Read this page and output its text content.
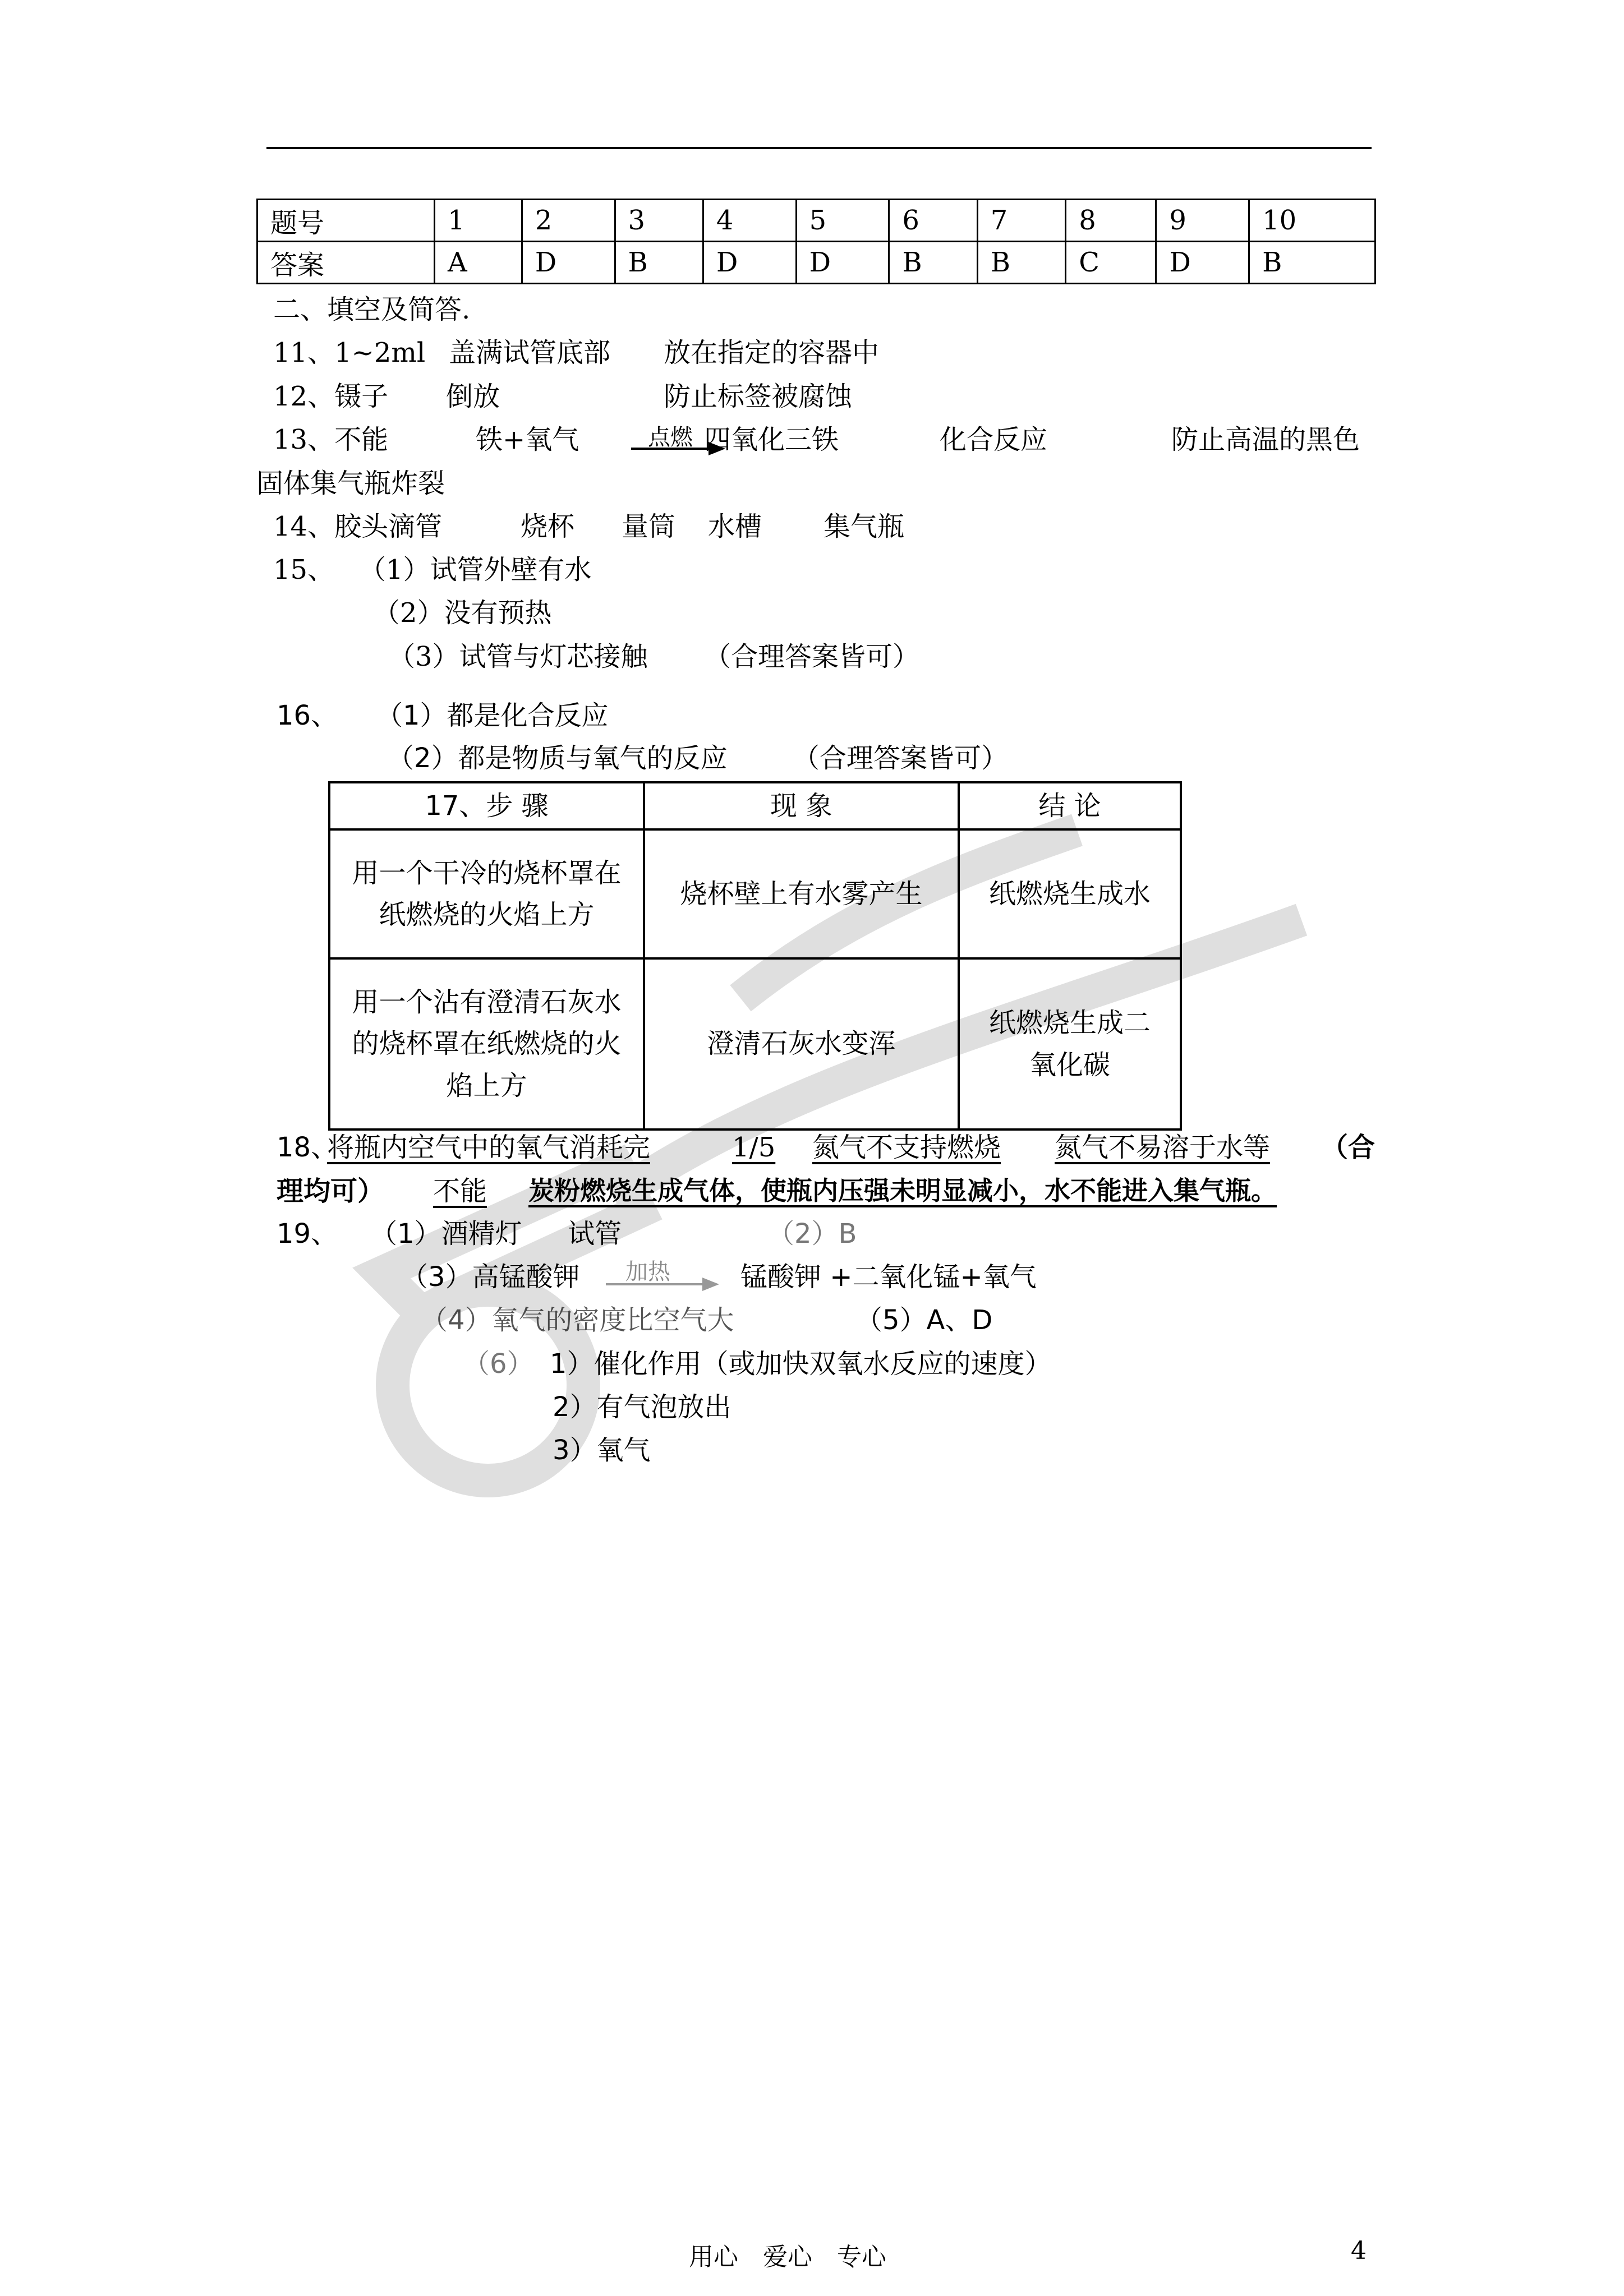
题号	1	2	3	4	5	6	7	8	9	10
答案	A	D	B	D	D	B	B	C	D	B
二、填空及简答.
11、1~2ml 盖满试管底部 放在指定的容器中
12、镊子 倒放	防止标签被腐蚀
13、不能	铁+氧气	点燃 四氧化三铁	化合反应	防止高温的黑色
固体集气瓶炸裂
14、胶头滴管	烧杯 量筒 水槽 集气瓶
15、 （1）试管外壁有水
（2）没有预热
（3）试管与灯芯接触 （合理答案皆可）
16、 （1）都是化合反应
（2）都是物质与氧气的反应 （合理答案皆可）
17、步 骤	现 象	结 论
用一个干冷的烧杯罩在纸燃烧的火焰上方	烧杯壁上有水雾产生	纸燃烧生成水
用一个沾有澄清石灰水的烧杯罩在纸燃烧的火焰上方	澄清石灰水变浑	纸燃烧生成二氧化碳
18、
将瓶内空气中的氧气消耗完	1/5 氮气不支持燃烧 氮气不易溶于水等 （合
理均可） 不能 炭粉燃烧生成气体，使瓶内压强未明显减小，水不能进入集气瓶。
19、 （1）酒精灯 试管	（2）B
（3）高锰酸钾 加热	锰酸钾 +二氧化锰+氧气
（4）氧气的密度比空气大	（5）A、D
（6） 1）催化作用（或加快双氧水反应的速度）
2）有气泡放出
3）氧气
用心　爱心　专心	4
